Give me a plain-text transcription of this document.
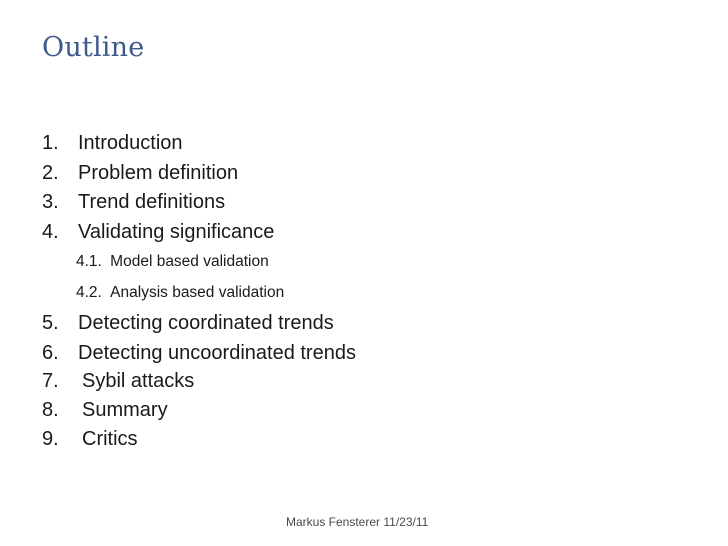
Outline
1. Introduction
2. Problem definition
3. Trend definitions
4. Validating significance
4.1. Model based validation
4.2. Analysis based validation
5. Detecting coordinated trends
6. Detecting uncoordinated trends
7. Sybil attacks
8. Summary
9. Critics
Markus Fensterer 11/23/11
